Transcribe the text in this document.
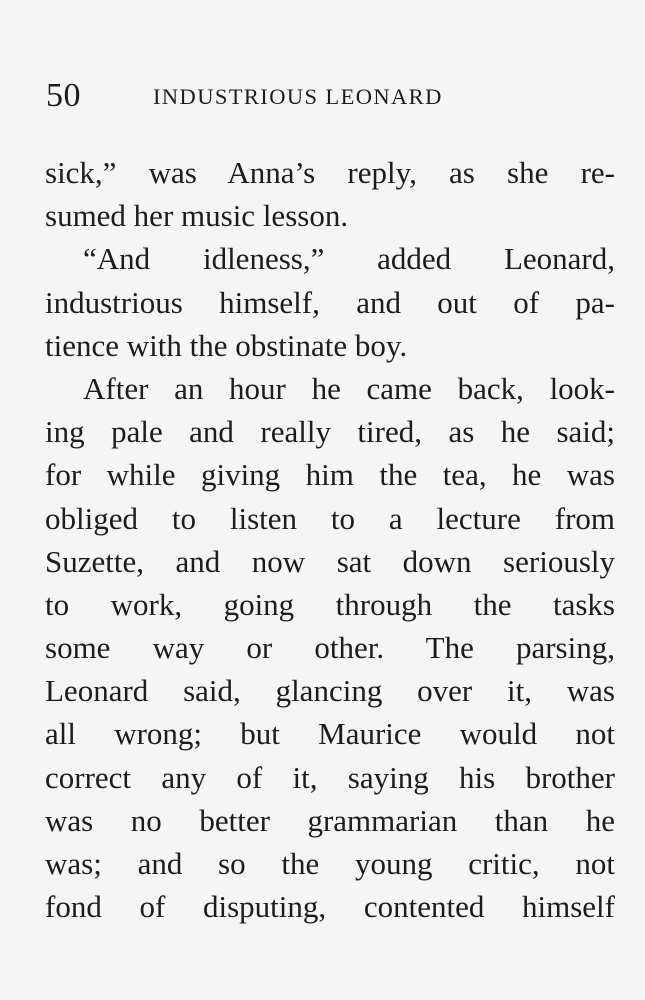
50	INDUSTRIOUS LEONARD
sick,” was Anna’s reply, as she re-
sumed her music lesson.
“And idleness,” added Leonard,
industrious himself, and out of pa-
tience with the obstinate boy.
After an hour he came back, look-
ing pale and really tired, as he said;
for while giving him the tea, he was
obliged to listen to a lecture from
Suzette, and now sat down seriously
to work, going through the tasks
some way or other. The parsing,
Leonard said, glancing over it, was
all wrong; but Maurice would not
correct any of it, saying his brother
was no better grammarian than he
was; and so the young critic, not
fond of disputing, contented himself
